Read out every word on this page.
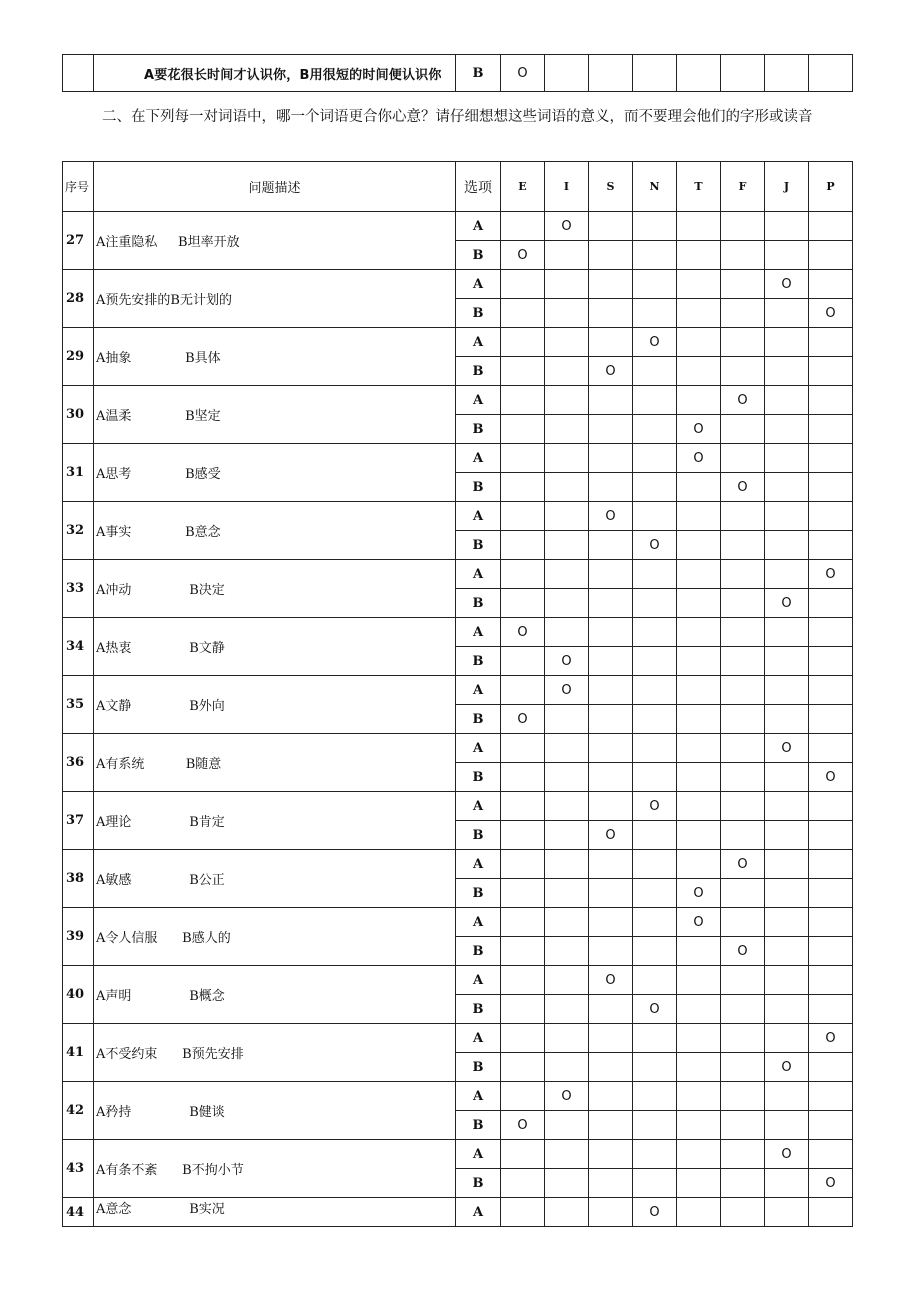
	A要花很长时间才认识你，B用很短的时间便认识你	B	O							
二、在下列每一对词语中，哪一个词语更合你心意？请仔细想想这些词语的意义，而不要理会他们的字形或读音
序号	问题描述	选项	E	I	S	N	T	F	J	P
27	A注重隐私     B坦率开放	A		O						
		B	O							
28	A预先安排的B无计划的	A							O	
		B								O
29	A抽象             B具体	A				O				
		B			O					
30	A温柔             B坚定	A						O		
		B					O			
31	A思考             B感受	A					O			
		B						O		
32	A事实             B意念	A			O					
		B				O				
33	A冲动              B决定	A								O
		B							O	
34	A热衷              B文静	A	O							
		B		O						
35	A文静              B外向	A		O						
		B	O							
36	A有系统          B随意	A							O	
		B								O
37	A理论              B肯定	A				O				
		B			O					
38	A敏感              B公正	A						O		
		B					O			
39	A令人信服      B感人的	A					O			
		B						O		
40	A声明              B概念	A			O					
		B				O				
41	A不受约束      B预先安排	A								O
		B							O	
42	A矜持              B健谈	A		O						
		B	O							
43	A有条不紊      B不拘小节	A							O	
		B								O
44	A意念              B实况	A				O				
